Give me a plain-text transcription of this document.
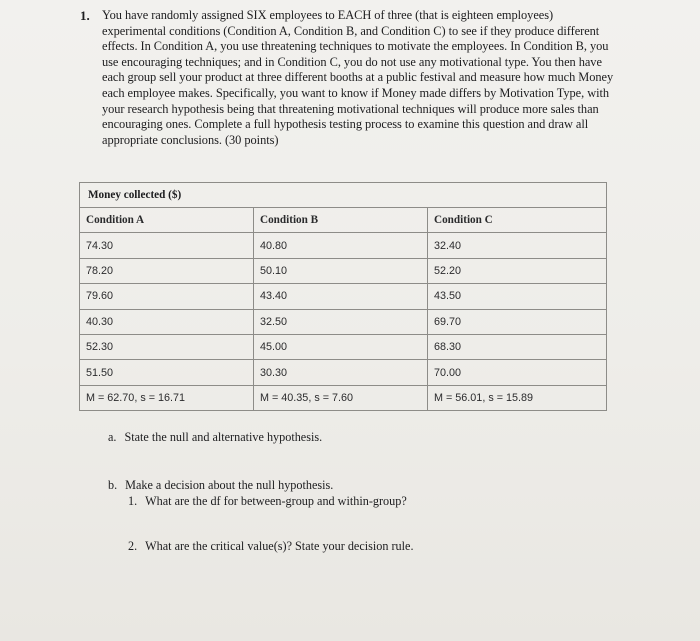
1. You have randomly assigned SIX employees to EACH of three (that is eighteen employees) experimental conditions (Condition A, Condition B, and Condition C) to see if they produce different effects. In Condition A, you use threatening techniques to motivate the employees. In Condition B, you use encouraging techniques; and in Condition C, you do not use any motivational type. You then have each group sell your product at three different booths at a public festival and measure how much Money each employee makes. Specifically, you want to know if Money made differs by Motivation Type, with your research hypothesis being that threatening motivational techniques will produce more sales than encouraging ones. Complete a full hypothesis testing process to examine this question and draw all appropriate conclusions. (30 points)
Money collected ($)
Condition A	Condition B	Condition C
74.30	40.80	32.40
78.20	50.10	52.20
79.60	43.40	43.50
40.30	32.50	69.70
52.30	45.00	68.30
51.50	30.30	70.00
M = 62.70, s = 16.71	M = 40.35, s = 7.60	M = 56.01, s = 15.89
a. State the null and alternative hypothesis.
b. Make a decision about the null hypothesis.
1. What are the df for between-group and within-group?
2. What are the critical value(s)? State your decision rule.
